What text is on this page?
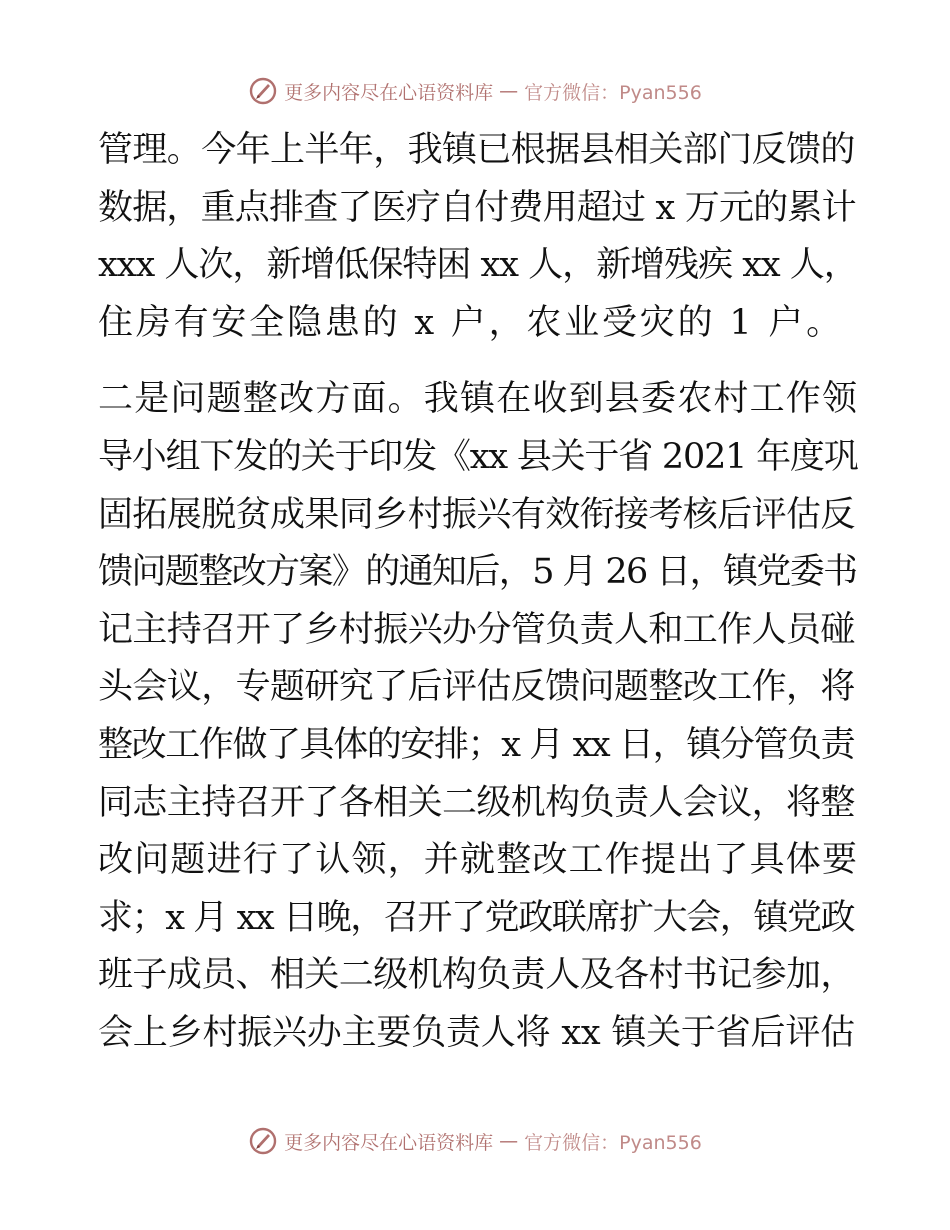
更多内容尽在心语资料库 — 官方微信：Pyan556
管理。今年上半年，我镇已根据县相关部门反馈的
数据，重点排查了医疗自付费用超过 x 万元的累计
xxx 人次，新增低保特困 xx 人，新增残疾 xx 人，
住房有安全隐患的 x 户，农业受灾的 1 户。
二是问题整改方面。我镇在收到县委农村工作领
导小组下发的关于印发《xx 县关于省 2021 年度巩
固拓展脱贫成果同乡村振兴有效衔接考核后评估反
馈问题整改方案》的通知后，5 月 26 日，镇党委书
记主持召开了乡村振兴办分管负责人和工作人员碰
头会议，专题研究了后评估反馈问题整改工作，将
整改工作做了具体的安排；x 月 xx 日，镇分管负责
同志主持召开了各相关二级机构负责人会议，将整
改问题进行了认领，并就整改工作提出了具体要
求；x 月 xx 日晚，召开了党政联席扩大会，镇党政
班子成员、相关二级机构负责人及各村书记参加，
会上乡村振兴办主要负责人将 xx 镇关于省后评估
更多内容尽在心语资料库 — 官方微信：Pyan556
